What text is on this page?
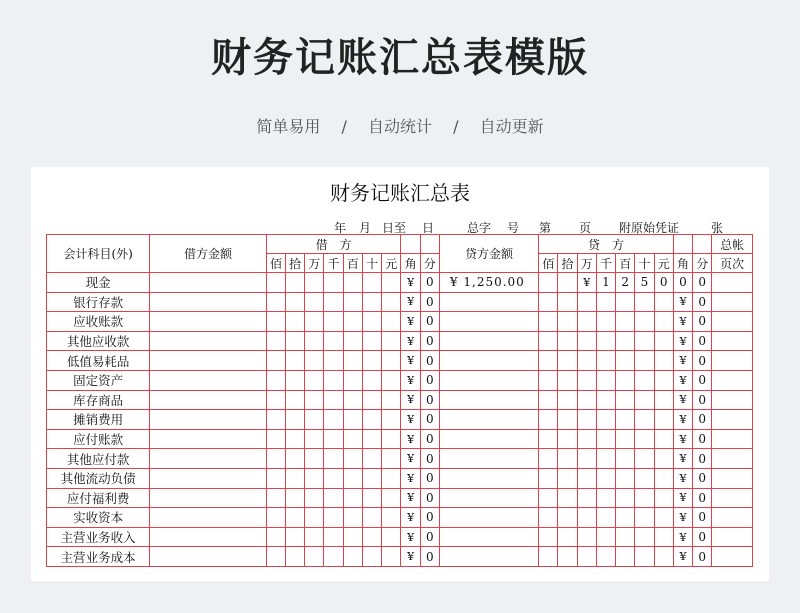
财务记账汇总表模版
简单易用 / 自动统计 / 自动更新
财务记账汇总表
年 月 日至 日	总字 号 第 页 附原始凭证	张
会计科目(外)	借方金额	借　方									贷方金额	贷　方									总帐
		佰	拾	万	千	百	十	元	角	分		佰	拾	万	千	百	十	元	角	分	页次
现金									¥	0	¥ 1,250.00			¥	1	2	5	0	0	0	
银行存款									¥	0									¥	0	
应收账款									¥	0									¥	0	
其他应收款									¥	0									¥	0	
低值易耗品									¥	0									¥	0	
固定资产									¥	0									¥	0	
库存商品									¥	0									¥	0	
摊销费用									¥	0									¥	0	
应付账款									¥	0									¥	0	
其他应付款									¥	0									¥	0	
其他流动负债									¥	0									¥	0	
应付福利费									¥	0									¥	0	
实收资本									¥	0									¥	0	
主营业务收入									¥	0									¥	0	
主营业务成本									¥	0									¥	0	
